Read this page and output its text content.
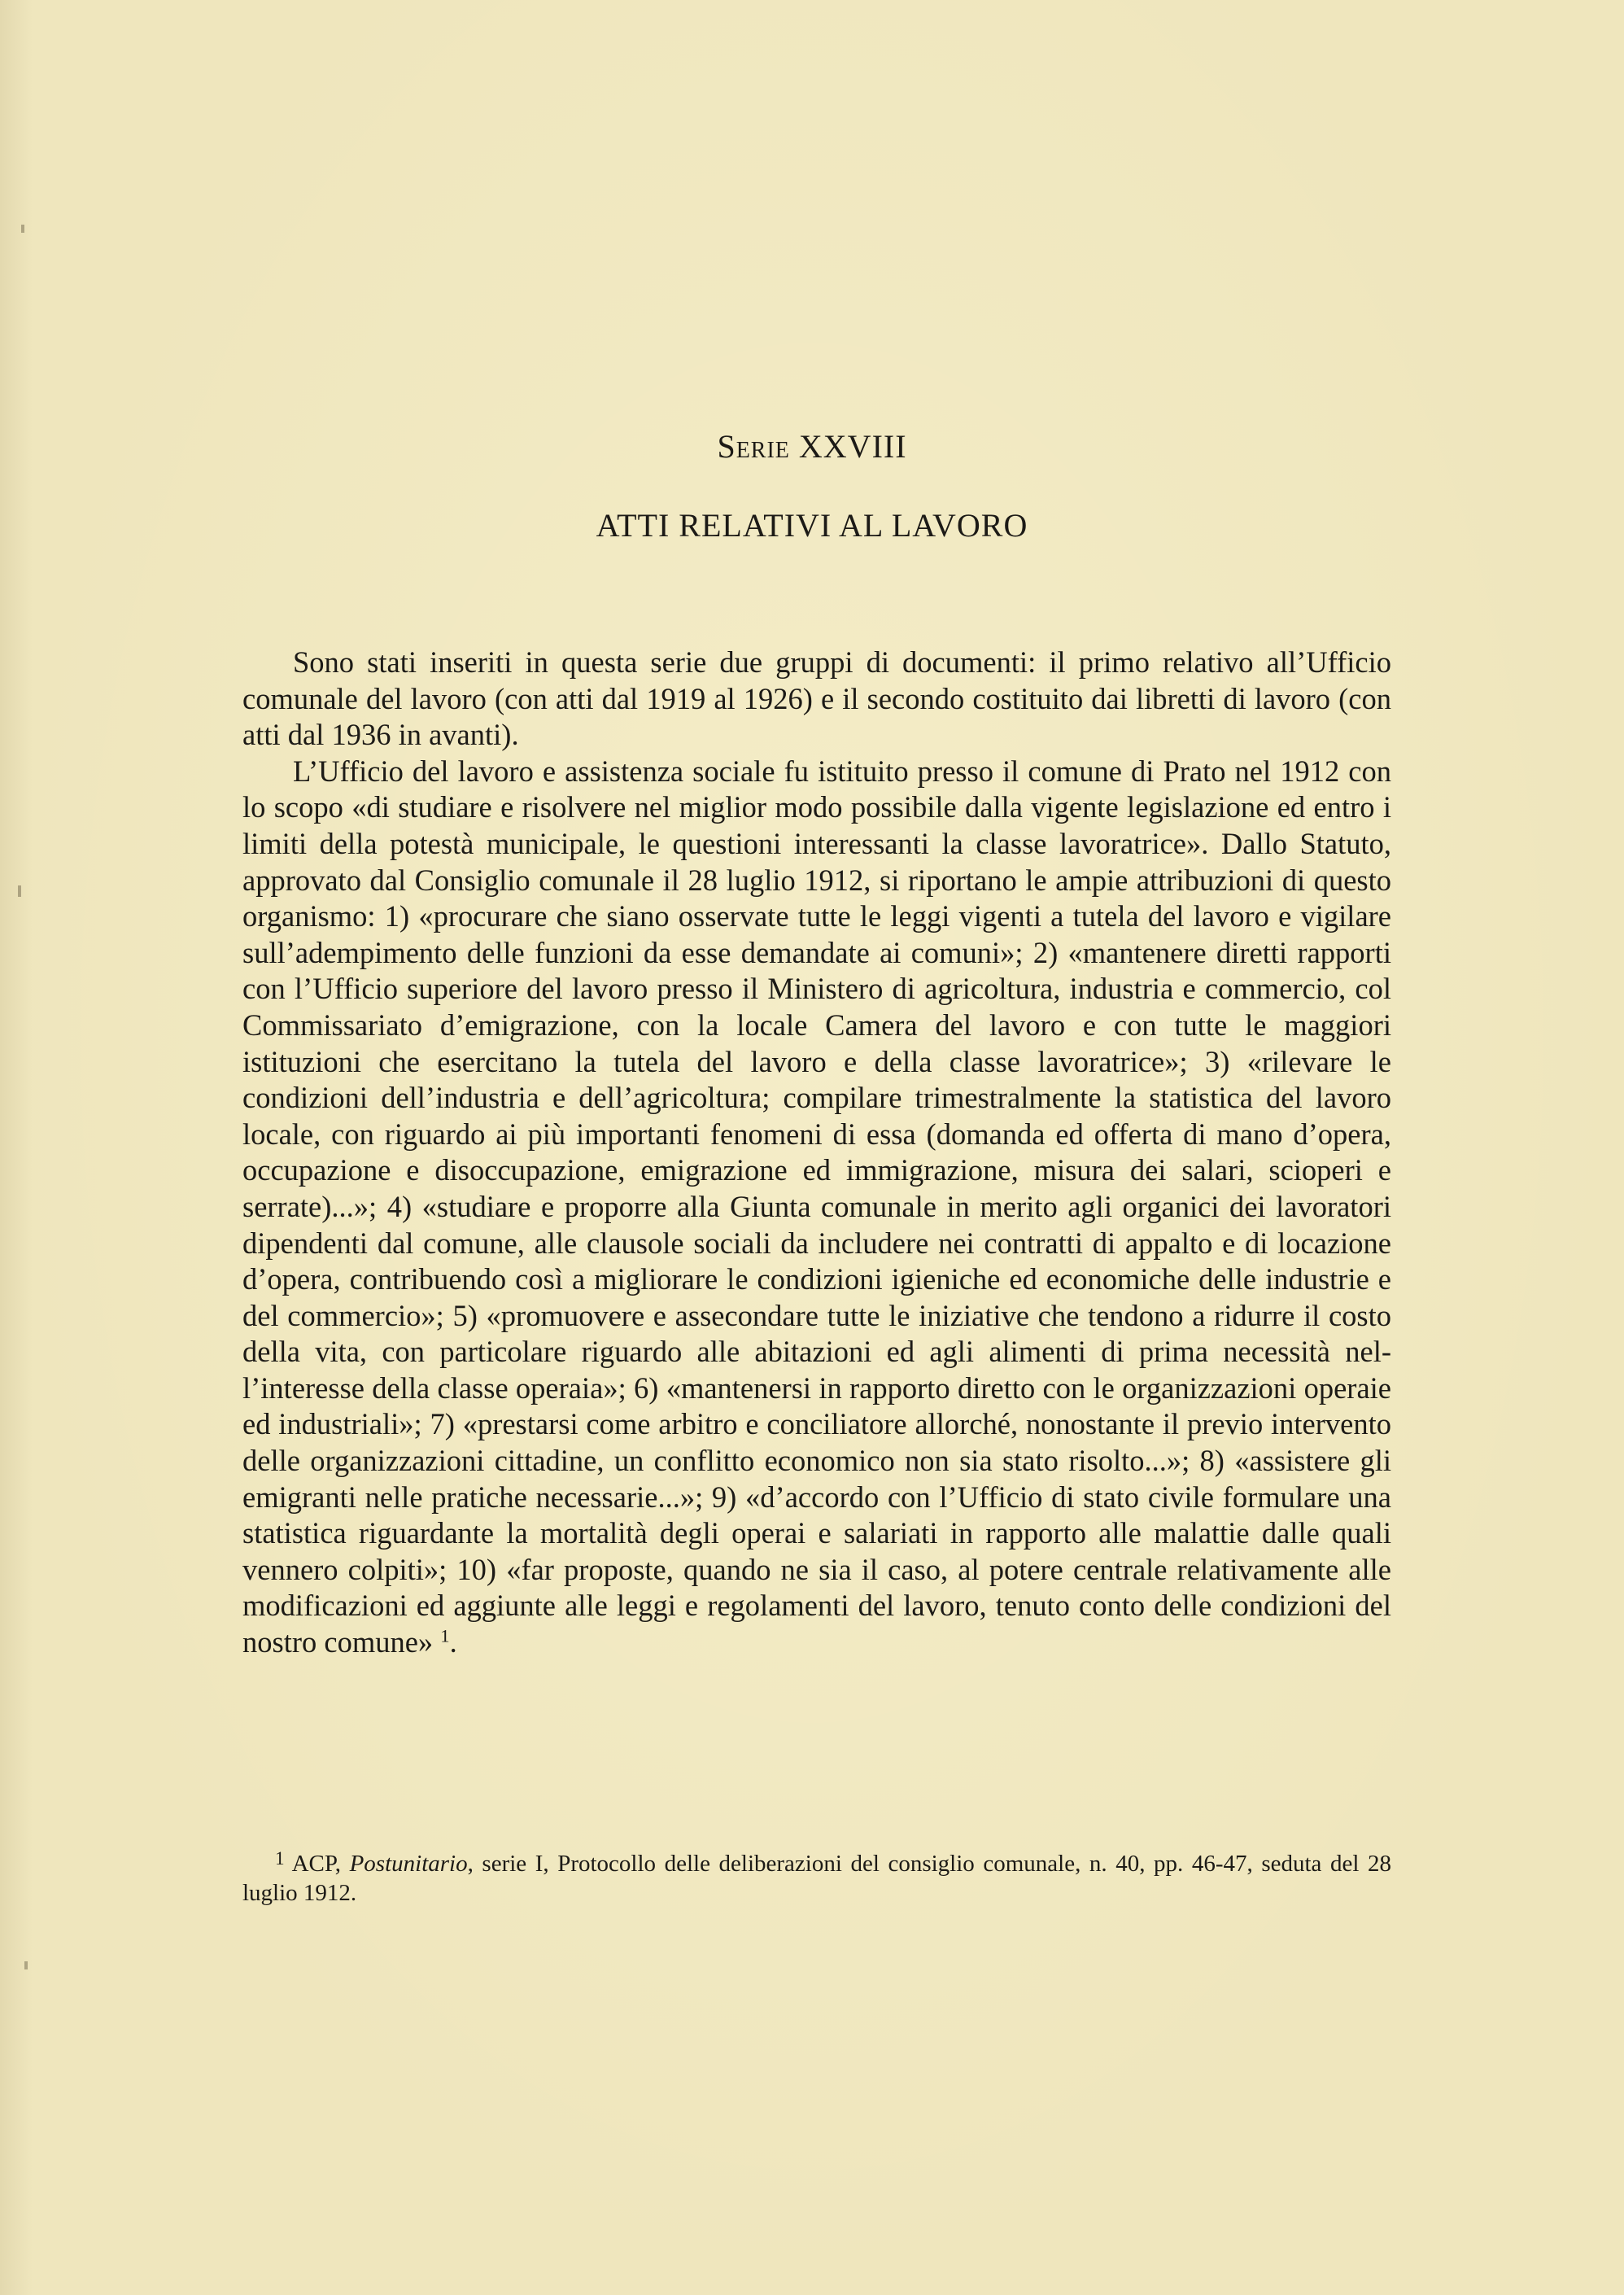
Serie XXVIII
ATTI RELATIVI AL LAVORO

Sono stati inseriti in questa serie due gruppi di documenti: il primo relativo all’Ufficio comunale del lavoro (con atti dal 1919 al 1926) e il secondo costituito dai libretti di lavoro (con atti dal 1936 in avanti).

L’Ufficio del lavoro e assistenza sociale fu istituito presso il comune di Prato nel 1912 con lo scopo «di studiare e risolvere nel miglior modo possibile dalla vigente legislazione ed entro i limiti della potestà municipale, le questioni interessanti la classe lavoratrice». Dallo Statuto, approvato dal Consiglio comunale il 28 luglio 1912, si riportano le ampie attribuzioni di questo organismo: 1) «procurare che siano osservate tutte le leggi vigenti a tutela del lavoro e vigilare sull’adempimento delle funzioni da esse demandate ai comuni»; 2) «mantenere diretti rapporti con l’Ufficio superiore del lavoro presso il Ministero di agricoltura, industria e commercio, col Commissariato d’emigrazione, con la locale Camera del lavoro e con tutte le maggiori istituzioni che esercitano la tutela del lavoro e della classe lavoratrice»; 3) «rilevare le condizioni dell’industria e dell’agricoltura; compilare trimestralmente la statistica del lavoro locale, con riguardo ai più importanti fenomeni di essa (domanda ed offerta di mano d’opera, occupazione e disoccupazione, emigrazione ed immigrazione, misura dei salari, scioperi e serrate)...»; 4) «studiare e proporre alla Giunta comunale in merito agli organici dei lavoratori dipendenti dal comune, alle clausole sociali da includere nei contratti di appalto e di locazione d’opera, contribuendo così a migliorare le condizioni igieniche ed economiche delle industrie e del commercio»; 5) «promuovere e assecondare tutte le iniziative che tendono a ridurre il costo della vita, con particolare riguardo alle abitazioni ed agli alimenti di prima necessità nell’interesse della classe operaia»; 6) «mantenersi in rapporto diretto con le organizzazioni operaie ed industriali»; 7) «prestarsi come arbitro e conciliatore allorché, nonostante il previo intervento delle organizzazioni cittadine, un conflitto economico non sia stato risolto...»; 8) «assistere gli emigranti nelle pratiche necessarie...»; 9) «d’accordo con l’Ufficio di stato civile formulare una statistica riguardante la mortalità degli operai e salariati in rapporto alle malattie dalle quali vennero colpiti»; 10) «far proposte, quando ne sia il caso, al potere centrale relativamente alle modificazioni ed aggiunte alle leggi e regolamenti del lavoro, tenuto conto delle condizioni del nostro comune» $^1$.

$^1$ ACP, Postunitario, serie I, Protocollo delle deliberazioni del consiglio comunale, n. 40, pp. 46-47, seduta del 28 luglio 1912.
